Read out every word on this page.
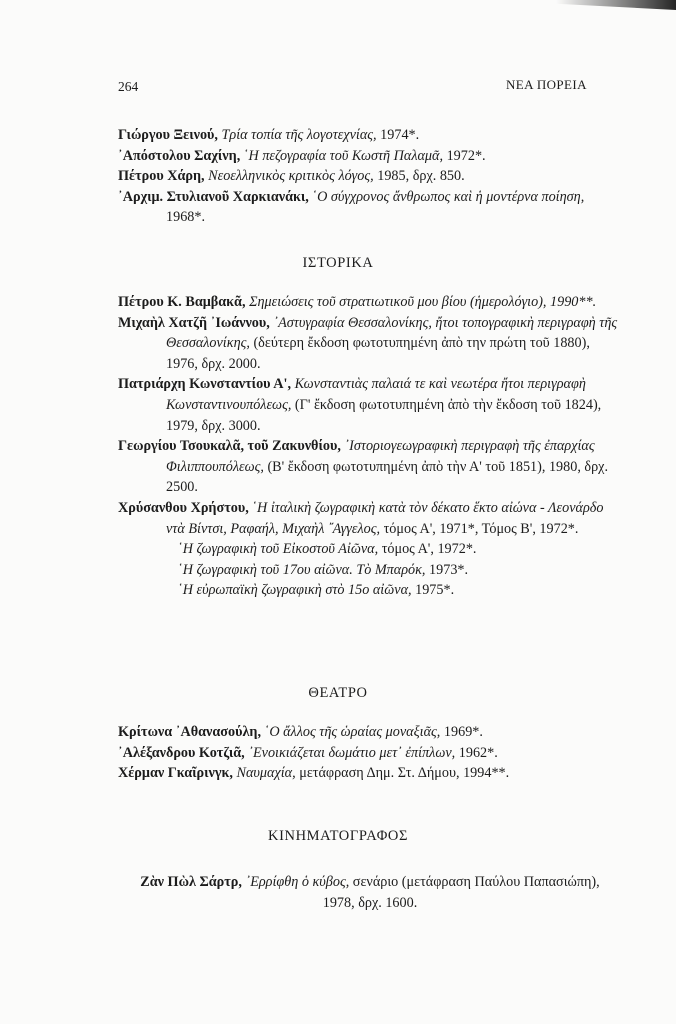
264	ΝΕΑ ΠΟΡΕΙΑ

Γιώργου Ξεινού, Τρία τοπία τῆς λογοτεχνίας, 1974*.

᾿Απόστολου Σαχίνη, ῾Η πεζογραφία τοῦ Κωστῆ Παλαμᾶ, 1972*.

Πέτρου Χάρη, Νεοελληνικὸς κριτικὸς λόγος, 1985, δρχ. 850.

᾿Αρχιμ. Στυλιανοῦ Χαρκιανάκι, ῾Ο σύγχρονος ἄνθρωπος καὶ ἡ μοντέρνα ποίηση, 1968*.

ΙΣΤΟΡΙΚΑ

Πέτρου Κ. Βαμβακᾶ, Σημειώσεις τοῦ στρατιωτικοῦ μου βίου (ἡμερολόγιο), 1990**.

Μιχαὴλ Χατζῆ ᾿Ιωάννου, ᾿Αστυγραφία Θεσσαλονίκης, ἤτοι τοπογραφικὴ περιγραφὴ τῆς Θεσσαλονίκης, (δεύτερη ἔκδοση φωτοτυπημένη ἀπὸ την πρώτη τοῦ 1880), 1976, δρχ. 2000.

Πατριάρχη Κωνσταντίου Α', Κωνσταντιὰς παλαιά τε καὶ νεωτέρα ἤτοι περιγραφὴ Κωνσταντινουπόλεως, (Γ' ἔκδοση φωτοτυπημένη ἀπὸ τὴν ἔκδοση τοῦ 1824), 1979, δρχ. 3000.

Γεωργίου Τσουκαλᾶ, τοῦ Ζακυνθίου, ᾿Ιστοριογεωγραφικὴ περιγραφὴ τῆς ἐπαρχίας Φιλιππουπόλεως, (Β' ἔκδοση φωτοτυπημένη ἀπὸ τὴν Α' τοῦ 1851), 1980, δρχ. 2500.

Χρύσανθου Χρήστου, ῾Η ἰταλικὴ ζωγραφικὴ κατὰ τὸν δέκατο ἕκτο αἰώνα - Λεονάρδο ντὰ Βίντσι, Ραφαήλ, Μιχαὴλ ῎Αγγελος, τόμος Α', 1971*, Τόμος Β', 1972*.

῾Η ζωγραφικὴ τοῦ Εἰκοστοῦ Αἰῶνα, τόμος Α', 1972*.

῾Η ζωγραφικὴ τοῦ 17ου αἰῶνα. Τὸ Μπαρόκ, 1973*.

῾Η εὐρωπαϊκὴ ζωγραφικὴ στὸ 15ο αἰῶνα, 1975*.

ΘΕΑΤΡΟ

Κρίτωνα ᾿Αθανασούλη, ῾Ο ἄλλος τῆς ὡραίας μοναξιᾶς, 1969*.

᾿Αλέξανδρου Κοτζιᾶ, ᾿Ενοικιάζεται δωμάτιο μετ᾿ ἐπίπλων, 1962*.

Χέρμαν Γκαῖρινγκ, Ναυμαχία, μετάφραση Δημ. Στ. Δήμου, 1994**.

ΚΙΝΗΜΑΤΟΓΡΑΦΟΣ

Ζὰν Πὼλ Σάρτρ, ᾿Ερρίφθη ὁ κύβος, σενάριο (μετάφραση Παύλου Παπασιώπη), 1978, δρχ. 1600.
